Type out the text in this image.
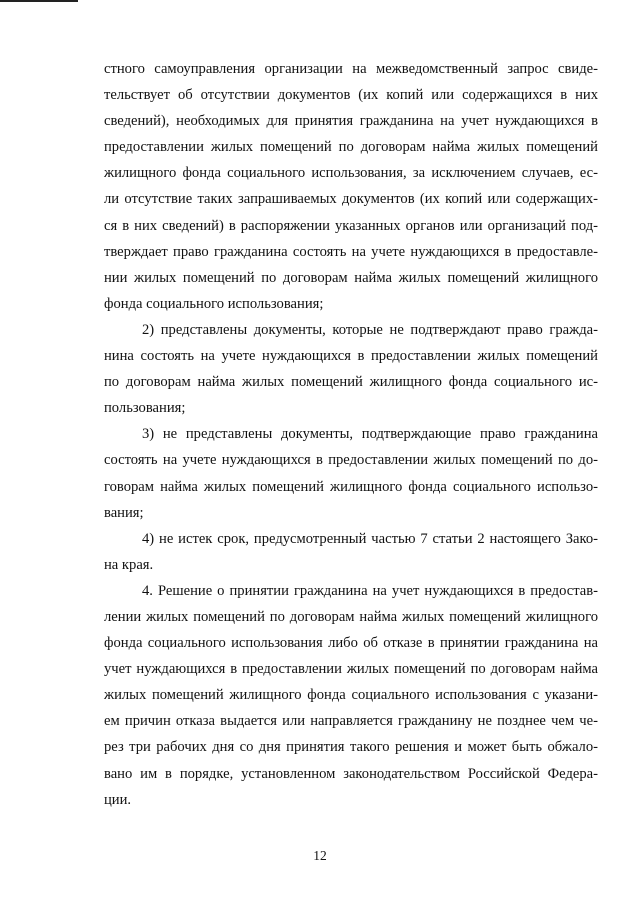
стного самоуправления организации на межведомственный запрос свиде-
тельствует об отсутствии документов (их копий или содержащихся в них
сведений), необходимых для принятия гражданина на учет нуждающихся в
предоставлении жилых помещений по договорам найма жилых помещений
жилищного фонда социального использования, за исключением случаев, ес-
ли отсутствие таких запрашиваемых документов (их копий или содержащих-
ся в них сведений) в распоряжении указанных органов или организаций под-
тверждает право гражданина состоять на учете нуждающихся в предоставле-
нии жилых помещений по договорам найма жилых помещений жилищного
фонда социального использования;
2) представлены документы, которые не подтверждают право гражда-
нина состоять на учете нуждающихся в предоставлении жилых помещений
по договорам найма жилых помещений жилищного фонда социального ис-
пользования;
3) не представлены документы, подтверждающие право гражданина
состоять на учете нуждающихся в предоставлении жилых помещений по до-
говорам найма жилых помещений жилищного фонда социального использо-
вания;
4) не истек срок, предусмотренный частью 7 статьи 2 настоящего Зако-
на края.
4. Решение о принятии гражданина на учет нуждающихся в предостав-
лении жилых помещений по договорам найма жилых помещений жилищного
фонда социального использования либо об отказе в принятии гражданина на
учет нуждающихся в предоставлении жилых помещений по договорам найма
жилых помещений жилищного фонда социального использования с указани-
ем причин отказа выдается или направляется гражданину не позднее чем че-
рез три рабочих дня со дня принятия такого решения и может быть обжало-
вано им в порядке, установленном законодательством Российской Федера-
ции.
12
